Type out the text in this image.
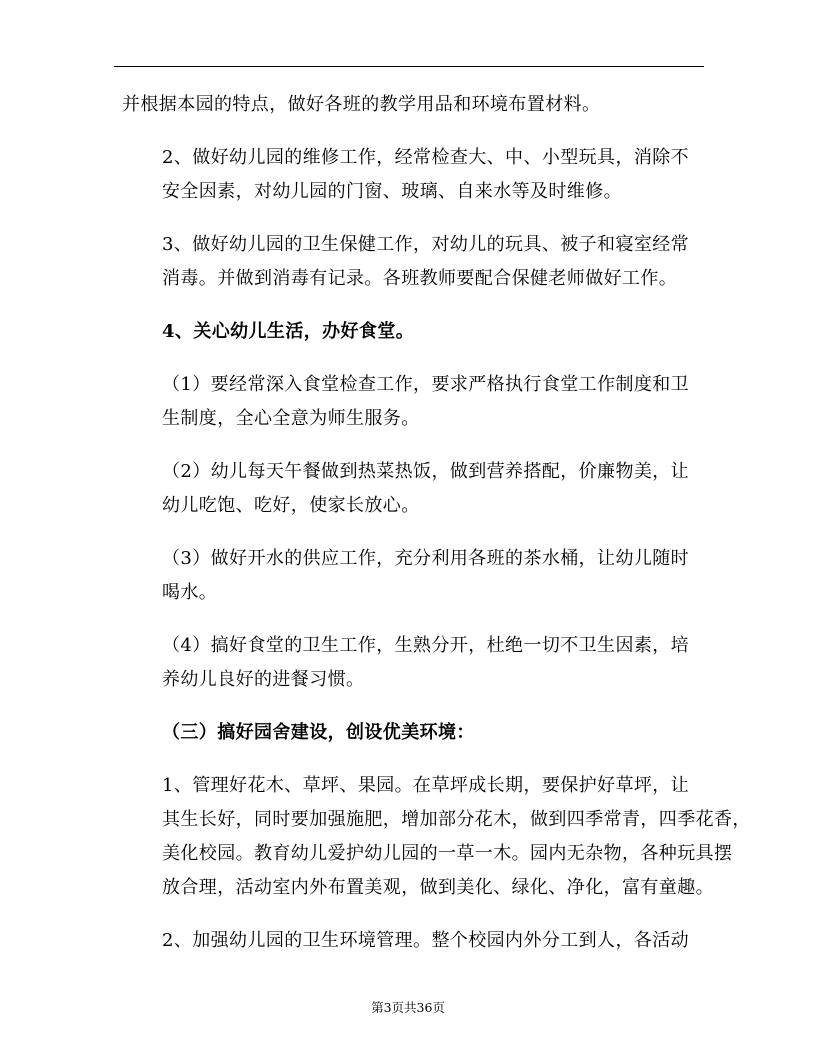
并根据本园的特点，做好各班的教学用品和环境布置材料。
2、做好幼儿园的维修工作，经常检查大、中、小型玩具，消除不
安全因素，对幼儿园的门窗、玻璃、自来水等及时维修。
3、做好幼儿园的卫生保健工作，对幼儿的玩具、被子和寝室经常
消毒。并做到消毒有记录。各班教师要配合保健老师做好工作。
4、关心幼儿生活，办好食堂。
（1）要经常深入食堂检查工作，要求严格执行食堂工作制度和卫
生制度，全心全意为师生服务。
（2）幼儿每天午餐做到热菜热饭，做到营养搭配，价廉物美，让
幼儿吃饱、吃好，使家长放心。
（3）做好开水的供应工作，充分利用各班的茶水桶，让幼儿随时
喝水。
（4）搞好食堂的卫生工作，生熟分开，杜绝一切不卫生因素，培
养幼儿良好的进餐习惯。
（三）搞好园舍建设，创设优美环境：
1、管理好花木、草坪、果园。在草坪成长期，要保护好草坪，让
其生长好，同时要加强施肥，增加部分花木，做到四季常青，四季花香，
美化校园。教育幼儿爱护幼儿园的一草一木。园内无杂物，各种玩具摆
放合理，活动室内外布置美观，做到美化、绿化、净化，富有童趣。
2、加强幼儿园的卫生环境管理。整个校园内外分工到人，各活动
第3页共36页
